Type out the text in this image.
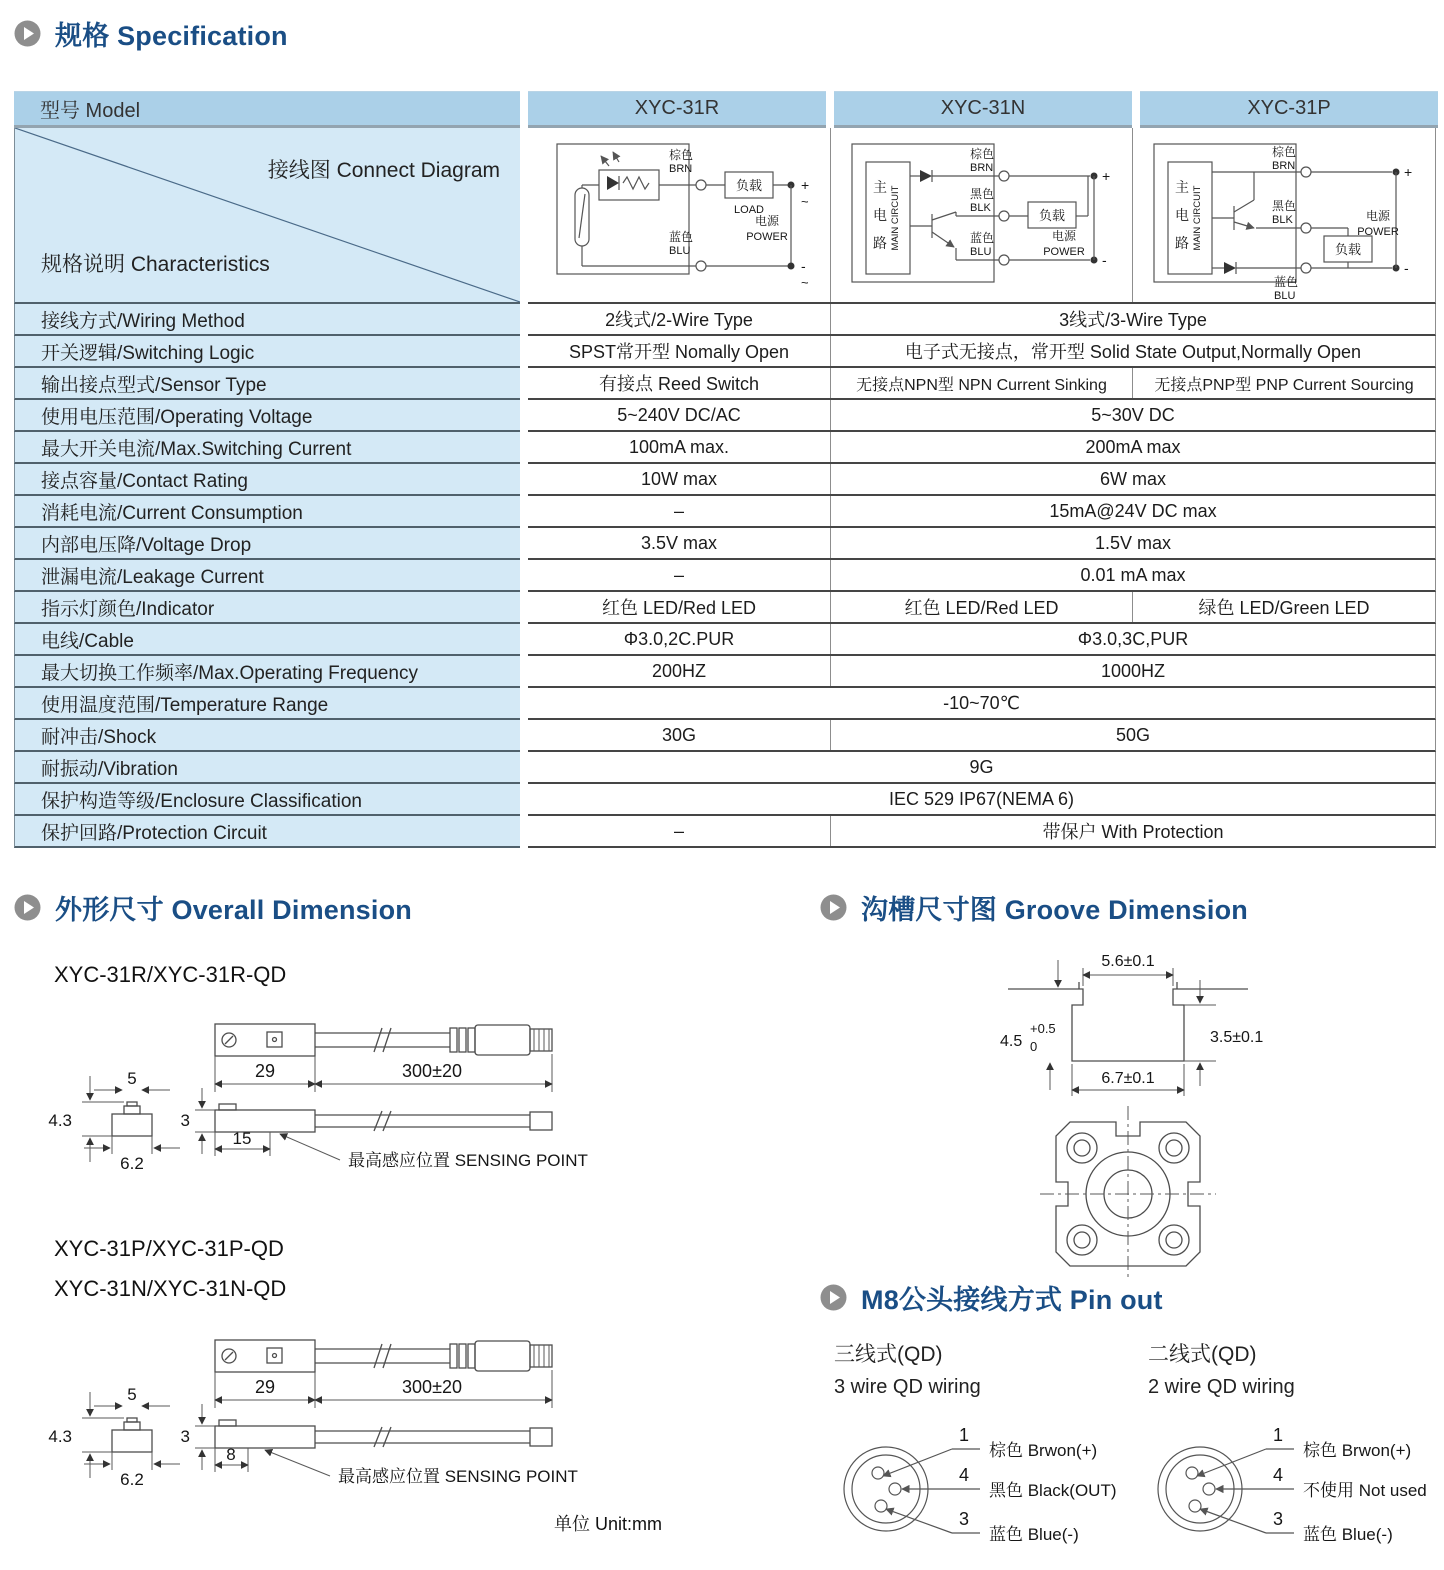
规格 Specification
型号 Model	XYC-31R	XYC-31N	XYC-31P
接线图 Connect Diagram
规格说明 Characteristics
负载
LOAD
+
~
-
~
电源
POWER
棕色
BRN
蓝色
BLU
主
电
路 MAIN CIRCUIT
+
-
负载
电源
POWER
棕色
BRN
黑色
BLK
蓝色
BLU
主
电
路 MAIN CIRCUIT
+
负载
-
电源
POWER
棕色
BRN
黑色
BLK
蓝色
BLU
接线方式/Wiring Method	2线式/2-Wire Type	3线式/3-Wire Type
开关逻辑/Switching Logic	SPST常开型 Nomally Open	电子式无接点，常开型 Solid State Output,Normally Open
输出接点型式/Sensor Type	有接点 Reed Switch	无接点NPN型 NPN Current Sinking	无接点PNP型 PNP Current Sourcing
使用电压范围/Operating Voltage	5~240V DC/AC	5~30V DC
最大开关电流/Max.Switching Current	100mA max.	200mA max
接点容量/Contact Rating	10W max	6W max
消耗电流/Current Consumption	–	15mA@24V DC max
内部电压降/Voltage Drop	3.5V max	1.5V max
泄漏电流/Leakage Current	–	0.01 mA max
指示灯颜色/Indicator	红色 LED/Red LED	红色 LED/Red LED	绿色 LED/Green LED
电线/Cable	Φ3.0,2C.PUR	Φ3.0,3C,PUR
最大切换工作频率/Max.Operating Frequency	200HZ	1000HZ
使用温度范围/Temperature Range	-10~70℃
耐冲击/Shock	30G	50G
耐振动/Vibration	9G
保护构造等级/Enclosure Classification	IEC 529 IP67(NEMA 6)
保护回路/Protection Circuit	–	带保户 With Protection
外形尺寸 Overall Dimension
XYC-31R/XYC-31R-QD
5
4.3
6.2
29	300±20
3
15
最高感应位置 SENSING POINT
XYC-31P/XYC-31P-QD
XYC-31N/XYC-31N-QD
5
4.3
6.2
29	300±20
3
8
最高感应位置 SENSING POINT
单位 Unit:mm
沟槽尺寸图 Groove Dimension
5.6±0.1
4.5
+0.5
0
3.5±0.1
6.7±0.1
M8公头接线方式 Pin out
三线式(QD)
3 wire QD wiring
1
4
3
棕色 Brwon(+)
黑色 Black(OUT)
蓝色 Blue(-)
二线式(QD)
2 wire QD wiring
1
4
3
棕色 Brwon(+)
不使用 Not used
蓝色 Blue(-)
